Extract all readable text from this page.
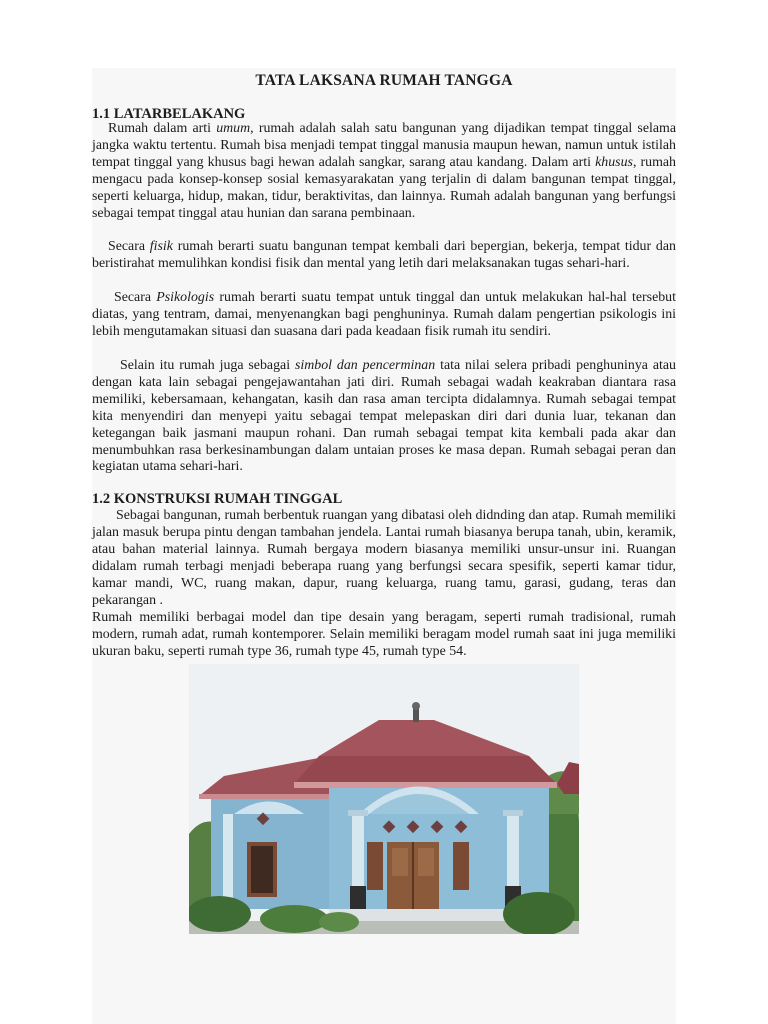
TATA LAKSANA RUMAH TANGGA
1.1 LATARBELAKANG

Rumah dalam arti umum, rumah adalah salah satu bangunan yang dijadikan tempat tinggal selama jangka waktu tertentu. Rumah bisa menjadi tempat tinggal manusia maupun hewan, namun untuk istilah tempat tinggal yang khusus bagi hewan adalah sangkar, sarang atau kandang. Dalam arti khusus, rumah mengacu pada konsep-konsep sosial kemasyarakatan yang terjalin di dalam bangunan tempat tinggal, seperti keluarga, hidup, makan, tidur, beraktivitas, dan lainnya. Rumah adalah bangunan yang berfungsi sebagai tempat tinggal atau hunian dan sarana pembinaan.

Secara fisik rumah berarti suatu bangunan tempat kembali dari bepergian, bekerja, tempat tidur dan beristirahat memulihkan kondisi fisik dan mental yang letih dari melaksanakan tugas sehari-hari.

Secara Psikologis rumah berarti suatu tempat untuk tinggal dan untuk melakukan hal-hal tersebut diatas, yang tentram, damai, menyenangkan bagi penghuninya. Rumah dalam pengertian psikologis ini lebih mengutamakan situasi dan suasana dari pada keadaan fisik rumah itu sendiri.

Selain itu rumah juga sebagai simbol dan pencerminan tata nilai selera pribadi penghuninya atau dengan kata lain sebagai pengejawantahan jati diri. Rumah sebagai wadah keakraban diantara rasa memiliki, kebersamaan, kehangatan, kasih dan rasa aman tercipta didalamnya. Rumah sebagai tempat kita menyendiri dan menyepi yaitu sebagai tempat melepaskan diri dari dunia luar, tekanan dan ketegangan baik jasmani maupun rohani. Dan rumah sebagai tempat kita kembali pada akar dan menumbuhkan rasa berkesinambungan dalam untaian proses ke masa depan. Rumah sebagai peran dan kegiatan utama sehari-hari.

1.2 KONSTRUKSI RUMAH TINGGAL

Sebagai bangunan, rumah berbentuk ruangan yang dibatasi oleh didnding dan atap. Rumah memiliki jalan masuk berupa pintu dengan tambahan jendela. Lantai rumah biasanya berupa tanah, ubin, keramik, atau bahan material lainnya. Rumah bergaya modern biasanya memiliki unsur-unsur ini. Ruangan didalam rumah terbagi menjadi beberapa ruang yang berfungsi secara spesifik, seperti kamar tidur, kamar mandi, WC, ruang makan, dapur, ruang keluarga, ruang tamu, garasi, gudang, teras dan pekarangan .

Rumah memiliki berbagai model dan tipe desain yang beragam, seperti rumah tradisional, rumah modern, rumah adat, rumah kontemporer. Selain memiliki beragam model rumah saat ini juga memiliki ukuran baku, seperti rumah type 36, rumah type 45, rumah type 54.
